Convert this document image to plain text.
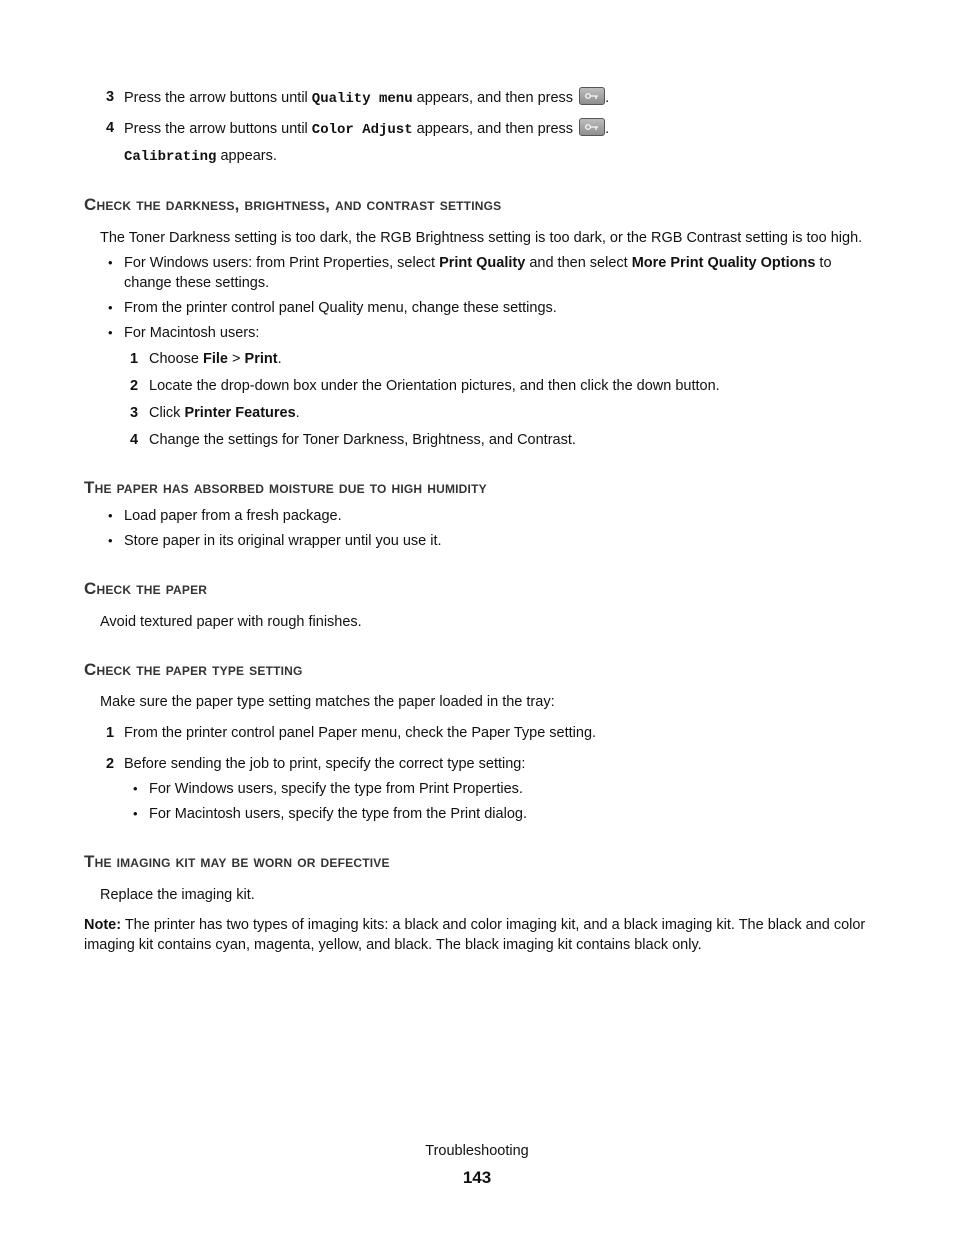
3 Press the arrow buttons until Quality menu appears, and then press
.
4 Press the arrow buttons until Color Adjust appears, and then press
.
Calibrating appears.
Check the darkness, brightness, and contrast settings
The Toner Darkness setting is too dark, the RGB Brightness setting is too dark, or the RGB Contrast setting is too high.
• For Windows users: from Print Properties, select Print Quality and then select More Print Quality Options to
change these settings.
• From the printer control panel Quality menu, change these settings.
• For Macintosh users:
1 Choose File > Print.
2 Locate the drop-down box under the Orientation pictures, and then click the down button.
3 Click Printer Features.
4 Change the settings for Toner Darkness, Brightness, and Contrast.
The paper has absorbed moisture due to high humidity
• Load paper from a fresh package.
• Store paper in its original wrapper until you use it.
Check the paper
Avoid textured paper with rough finishes.
Check the paper type setting
Make sure the paper type setting matches the paper loaded in the tray:
1 From the printer control panel Paper menu, check the Paper Type setting.
2 Before sending the job to print, specify the correct type setting:
• For Windows users, specify the type from Print Properties.
• For Macintosh users, specify the type from the Print dialog.
The imaging kit may be worn or defective
Replace the imaging kit.
Note: The printer has two types of imaging kits: a black and color imaging kit, and a black imaging kit. The black and color imaging kit contains cyan, magenta, yellow, and black. The black imaging kit contains black only.
Troubleshooting
143
